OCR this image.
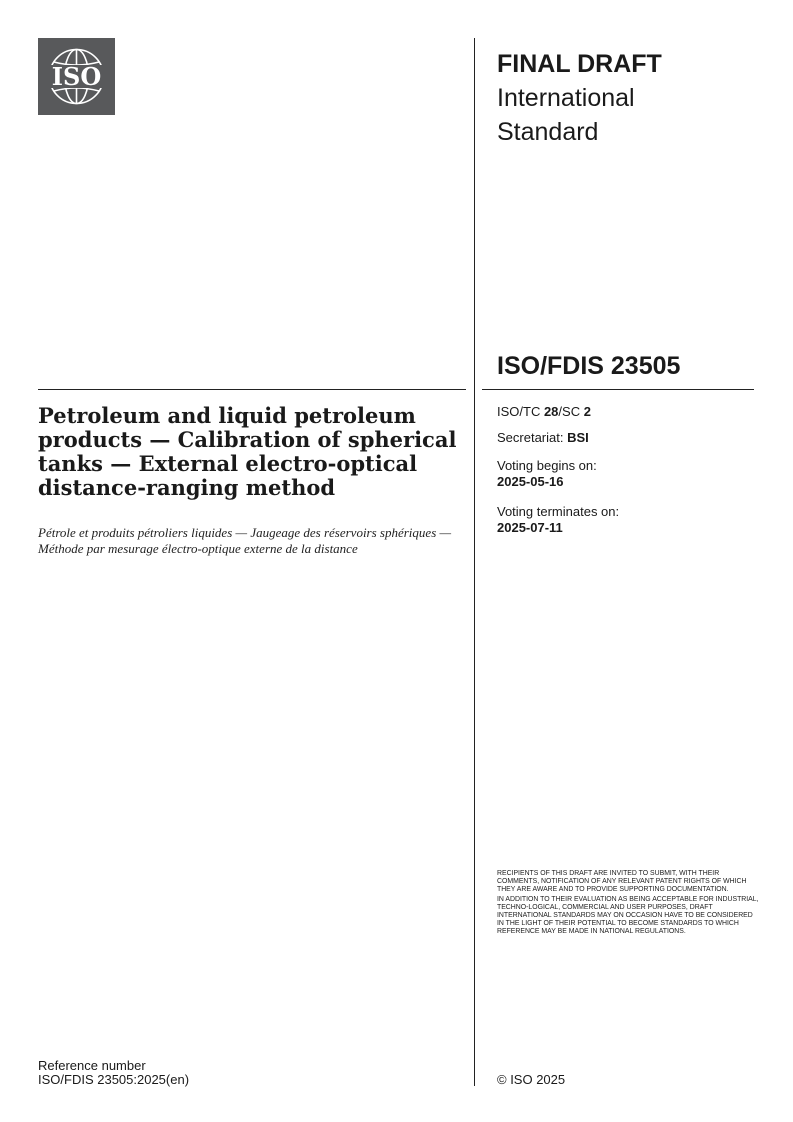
ISO	FINAL DRAFT
International
Standard
ISO/FDIS 23505
Petroleum and liquid petroleum products — Calibration of spherical tanks — External electro-optical distance-ranging method
Pétrole et produits pétroliers liquides — Jaugeage des réservoirs sphériques — Méthode par mesurage électro-optique externe de la distance
ISO/TC 28/SC 2
Secretariat: BSI
Voting begins on:
2025-05-16
Voting terminates on:
2025-07-11

RECIPIENTS OF THIS DRAFT ARE INVITED TO SUBMIT, WITH THEIR COMMENTS, NOTIFICATION OF ANY RELEVANT PATENT RIGHTS OF WHICH THEY ARE AWARE AND TO PROVIDE SUPPORTING DOCUMENTATION.

IN ADDITION TO THEIR EVALUATION AS BEING ACCEPTABLE FOR INDUSTRIAL, TECHNO-LOGICAL, COMMERCIAL AND USER PURPOSES, DRAFT INTERNATIONAL STANDARDS MAY ON OCCASION HAVE TO BE CONSIDERED IN THE LIGHT OF THEIR POTENTIAL TO BECOME STANDARDS TO WHICH REFERENCE MAY BE MADE IN NATIONAL REGULATIONS.

Reference number
ISO/FDIS 23505:2025(en)	© ISO 2025
